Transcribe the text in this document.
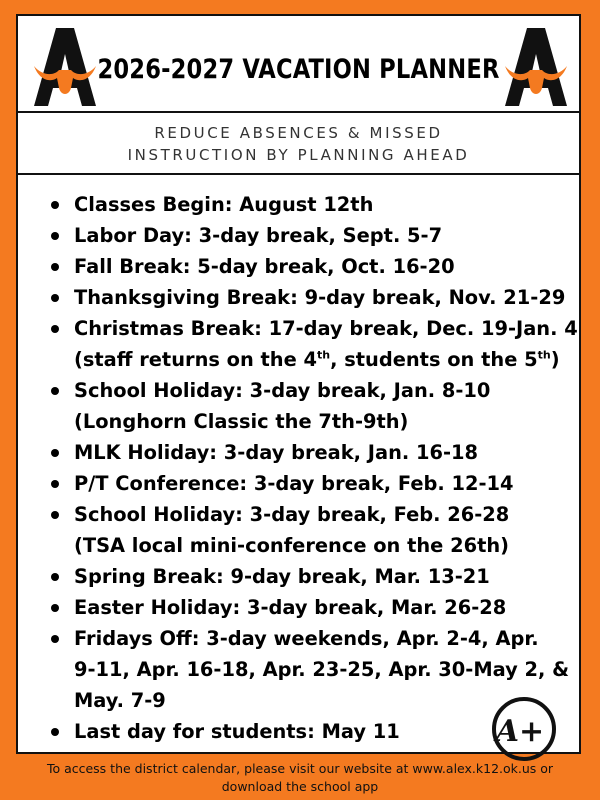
2026-2027 VACATION PLANNER
REDUCE ABSENCES & MISSED
INSTRUCTION BY PLANNING AHEAD
Classes Begin: August 12th
Labor Day: 3-day break, Sept. 5-7
Fall Break: 5-day break, Oct. 16-20
Thanksgiving Break: 9-day break, Nov. 21-29
Christmas Break: 17-day break, Dec. 19-Jan. 4
(staff returns on the 4th, students on the 5th)
School Holiday: 3-day break, Jan. 8-10
(Longhorn Classic the 7th-9th)
MLK Holiday: 3-day break, Jan. 16-18
P/T Conference: 3-day break, Feb. 12-14
School Holiday: 3-day break, Feb. 26-28
(TSA local mini-conference on the 26th)
Spring Break: 9-day break, Mar. 13-21
Easter Holiday: 3-day break, Mar. 26-28
Fridays Off: 3-day weekends, Apr. 2-4, Apr.
9-11, Apr. 16-18, Apr. 23-25, Apr. 30-May 2, &
May. 7-9
Last day for students: May 11	A+
To access the district calendar, please visit our website at www.alex.k12.ok.us or
download the school app
